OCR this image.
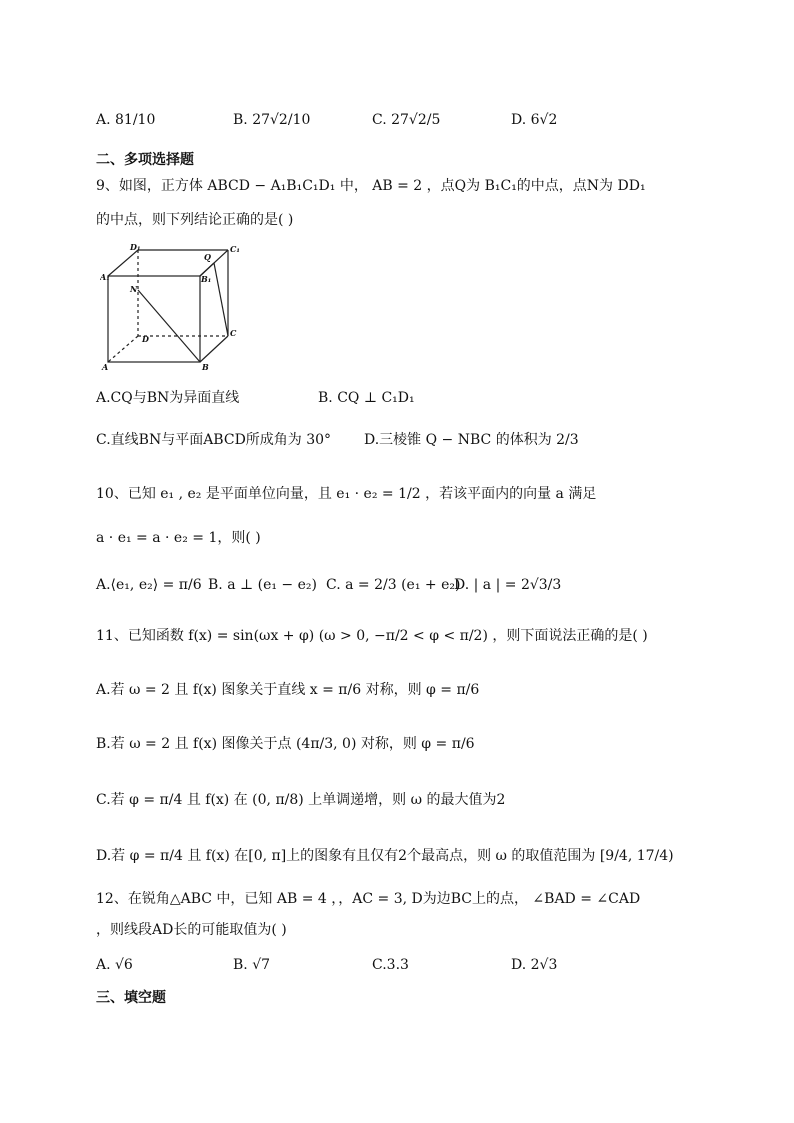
A. 81/10	B. 27√2/10	C. 27√2/5	D. 6√2
二、多项选择题
9、如图，正方体 ABCD − A₁B₁C₁D₁ 中， AB = 2 ，点Q为 B₁C₁的中点，点N为 DD₁
的中点，则下列结论正确的是( )
D₁	C₁
Q
A₁	B₁
N
D
C
A	B
A.CQ与BN为异面直线	B. CQ ⊥ C₁D₁
C.直线BN与平面ABCD所成角为 30° D.三棱锥 Q − NBC 的体积为 2/3
10、已知 e₁ , e₂ 是平面单位向量，且 e₁ · e₂ = 1/2 ，若该平面内的向量 a 满足
a · e₁ = a · e₂ = 1，则( )
A.⟨e₁, e₂⟩ = π/6 B. a ⊥ (e₁ − e₂) C. a = 2/3 (e₁ + e₂)
D. | a | = 2√3/3
11、已知函数 f(x) = sin(ωx + φ) (ω > 0, −π/2 < φ < π/2) ，则下面说法正确的是( )
A.若 ω = 2 且 f(x) 图象关于直线 x = π/6 对称，则 φ = π/6
B.若 ω = 2 且 f(x) 图像关于点 (4π/3, 0) 对称，则 φ = π/6
C.若 φ = π/4 且 f(x) 在 (0, π/8) 上单调递增，则 ω 的最大值为2
D.若 φ = π/4 且 f(x) 在[0, π]上的图象有且仅有2个最高点，则 ω 的取值范围为 [9/4, 17/4)
12、在锐角△ABC 中，已知 AB = 4 ，，AC = 3, D为边BC上的点， ∠BAD = ∠CAD
，则线段AD长的可能取值为( )
A. √6	B. √7	C.3.3	D. 2√3
三、填空题
